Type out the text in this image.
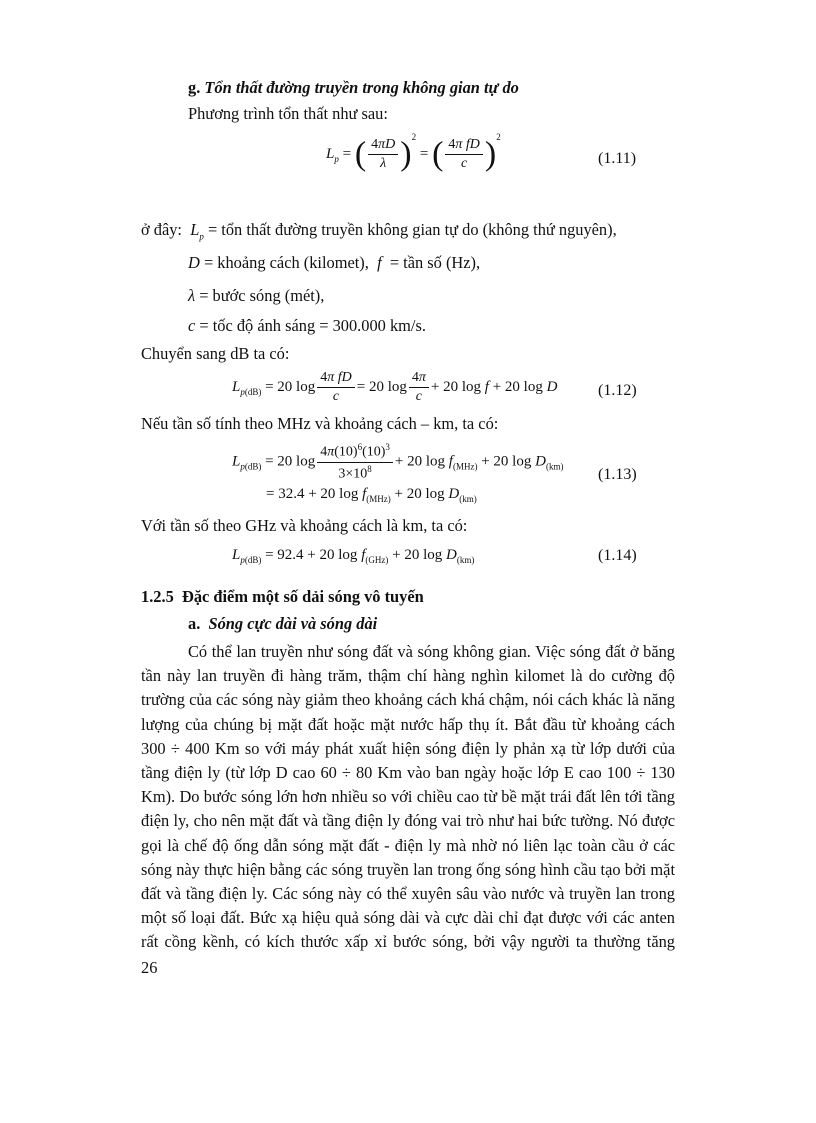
g. Tổn thất đường truyền trong không gian tự do
Phương trình tổn thất như sau:
$L_p$ = ( $\frac{4\pi D}{\lambda} )^2$ = ( $\frac{\text{4π fD}}{c} )^2$
(1.11)
ở đây:  $L_p$ = tổn thất đường truyền không gian tự do (không thứ nguyên),
D = khoảng cách (kilomet), f = tần số (Hz),
λ = bước sóng (mét),
c = tốc độ ánh sáng = 300.000 km/s.
Chuyển sang dB ta có:
$L_{p(dB)} = 20$ $\log \frac{\text{4π fD}}{c} = 20$ $\log \frac{4\pi}{c} + 20$ log f + 20 log D	(1.12)
Nếu tần số tính theo MHz và khoảng cách – km, ta có:
$L_{p(dB)} = 20$ $\log \frac{4\pi(10)^6(10)^3}{3\times 10^8} + 20$ $\log f_{(MHz)} + 20$ $\log D_{(km)}$
= 32.4 + 20 $\log f_{(MHz)} + 20$ $\log D_{(km)}$
(1.13)
Với tần số theo GHz và khoảng cách là km, ta có:
$L_{p(dB)} = 92.4 + 20$ $\log f_{(GHz)} + 20$ $\log D_{(km)}$	(1.14)
1.2.5 Đặc điểm một số dải sóng vô tuyến
a. Sóng cực dài và sóng dài
Có thể lan truyền như sóng đất và sóng không gian. Việc sóng đất ở băng
tần này lan truyền đi hàng trăm, thậm chí hàng nghìn kilomet là do cường độ
trường của các sóng này giảm theo khoảng cách khá chậm, nói cách khác là năng
lượng của chúng bị mặt đất hoặc mặt nước hấp thụ ít. Bắt đầu từ khoảng cách
300 ÷ 400 Km so với máy phát xuất hiện sóng điện ly phản xạ từ lớp dưới của
tầng điện ly (từ lớp D cao 60 ÷ 80 Km vào ban ngày hoặc lớp E cao 100 ÷ 130
Km). Do bước sóng lớn hơn nhiều so với chiều cao từ bề mặt trái đất lên tới tầng
điện ly, cho nên mặt đất và tầng điện ly đóng vai trò như hai bức tường. Nó được
gọi là chế độ ống dẫn sóng mặt đất - điện ly mà nhờ nó liên lạc toàn cầu ở các
sóng này thực hiện bằng các sóng truyền lan trong ống sóng hình cầu tạo bởi mặt
đất và tầng điện ly. Các sóng này có thể xuyên sâu vào nước và truyền lan trong
một số loại đất. Bức xạ hiệu quả sóng dài và cực dài chỉ đạt được với các anten
rất cồng kềnh, có kích thước xấp xỉ bước sóng, bởi vậy người ta thường tăng
26
